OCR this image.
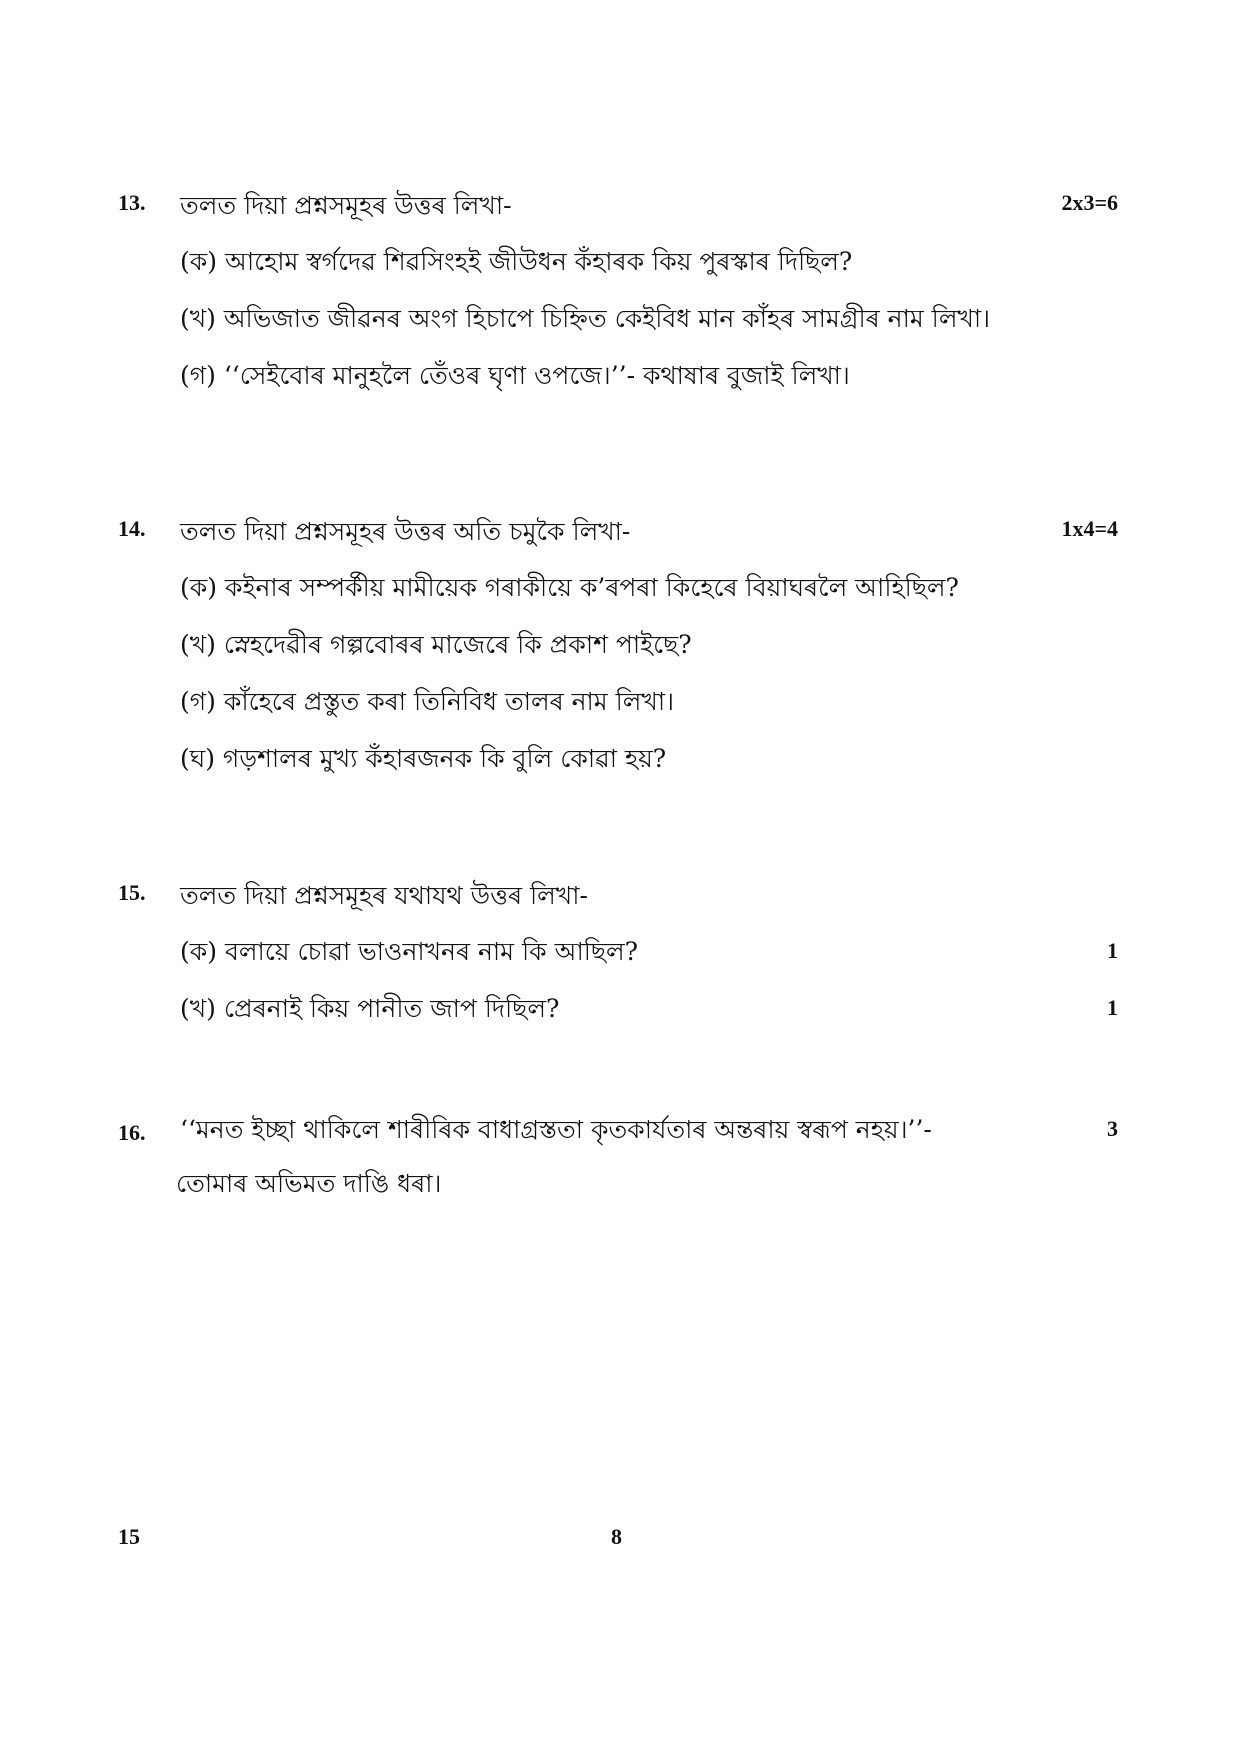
13. তলত দিয়া প্ৰশ্নসমূহৰ উত্তৰ লিখা-	2x3=6
(ক) আহোম স্বৰ্গদেৱ শিৱসিংহই জীউধন কঁহাৰক কিয় পুৰস্কাৰ দিছিল?
(খ) অভিজাত জীৱনৰ অংগ হিচাপে চিহ্নিত কেইবিধ মান কাঁহৰ সামগ্ৰীৰ নাম লিখা।
(গ) ‘‘সেইবোৰ মানুহলৈ তেঁওৰ ঘৃণা ওপজে।’’- কথাষাৰ বুজাই লিখা।
14. তলত দিয়া প্ৰশ্নসমূহৰ উত্তৰ অতি চমুকৈ লিখা-	1x4=4
(ক) কইনাৰ সম্পৰ্কীয় মামীয়েক গৰাকীয়ে ক’ৰপৰা কিহেৰে বিয়াঘৰলৈ আহিছিল?
(খ) স্নেহদেৱীৰ গল্পবোৰৰ মাজেৰে কি প্ৰকাশ পাইছে?
(গ) কাঁহেৰে প্ৰস্তুত কৰা তিনিবিধ তালৰ নাম লিখা।
(ঘ) গড়শালৰ মুখ্য কঁহাৰজনক কি বুলি কোৱা হয়?
15. তলত দিয়া প্ৰশ্নসমূহৰ যথাযথ উত্তৰ লিখা-
(ক) বলায়ে চোৱা ভাওনাখনৰ নাম কি আছিল?	1
(খ) প্ৰেৰনাই কিয় পানীত জাপ দিছিল?	1
16. ‘‘মনত ইচ্ছা থাকিলে শাৰীৰিক বাধাগ্ৰস্ততা কৃতকাৰ্যতাৰ অন্তৰায় স্বৰূপ নহয়।’’-	3
তোমাৰ অভিমত দাঙি ধৰা।
15	8
